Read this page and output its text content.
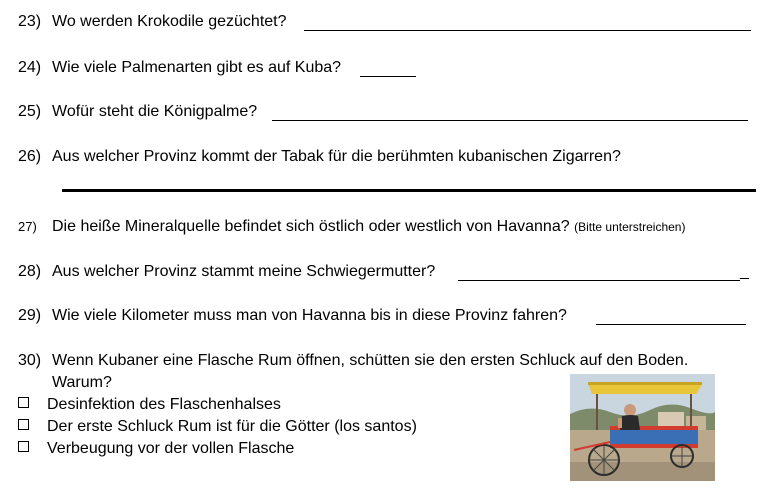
23) Wo werden Krokodile gezüchtet?
24) Wie viele Palmenarten gibt es auf Kuba?
25) Wofür steht die Königpalme?
26) Aus welcher Provinz kommt der Tabak für die berühmten kubanischen Zigarren?
27) Die heiße Mineralquelle befindet sich östlich oder westlich von Havanna? (Bitte unterstreichen)
28) Aus welcher Provinz stammt meine Schwiegermutter?	_
29) Wie viele Kilometer muss man von Havanna bis in diese Provinz fahren?
30) Wenn Kubaner eine Flasche Rum öffnen, schütten sie den ersten Schluck auf den Boden.
Warum?
Desinfektion des Flaschenhalses
Der erste Schluck Rum ist für die Götter (los santos)
Verbeugung vor der vollen Flasche
